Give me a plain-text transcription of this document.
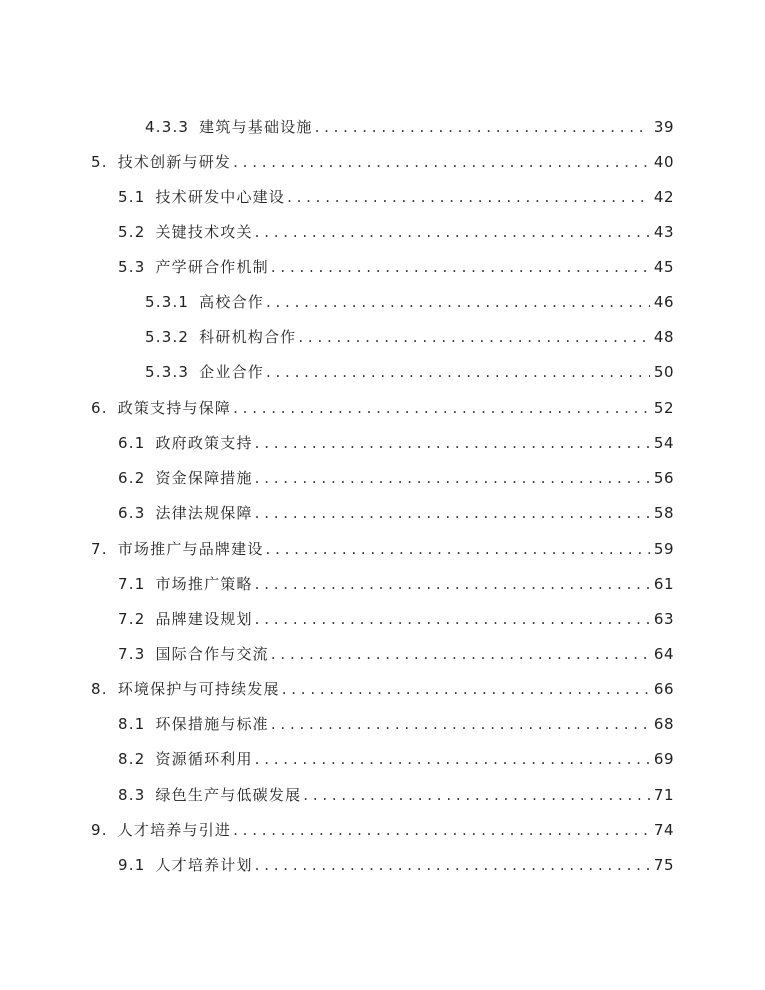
4.3.3 建筑与基础设施 . . .	39
5. 技术创新与研发 . . .	40
5.1 技术研发中心建设 . . .	42
5.2 关键技术攻关 . . .	43
5.3 产学研合作机制 . . .	45
5.3.1 高校合作 . . .	46
5.3.2 科研机构合作 . . .	48
5.3.3 企业合作 . . .	50
6. 政策支持与保障 . . .	52
6.1 政府政策支持 . . .	54
6.2 资金保障措施 . . .	56
6.3 法律法规保障 . . .	58
7. 市场推广与品牌建设 . . .	59
7.1 市场推广策略 . . .	61
7.2 品牌建设规划 . . .	63
7.3 国际合作与交流 . . .	64
8. 环境保护与可持续发展 . . .	66
8.1 环保措施与标准 . . .	68
8.2 资源循环利用 . . .	69
8.3 绿色生产与低碳发展 . . .	71
9. 人才培养与引进 . . .	74
9.1 人才培养计划 . . .	75
